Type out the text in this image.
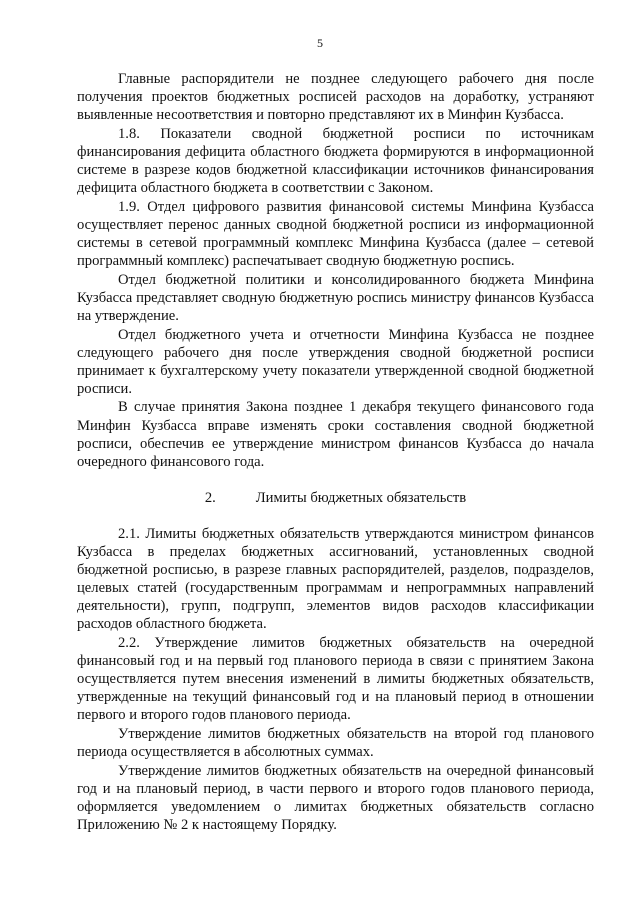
5

Главные распорядители не позднее следующего рабочего дня после получения проектов бюджетных росписей расходов на доработку, устраняют выявленные несоответствия и повторно представляют их в Минфин Кузбасса.

1.8. Показатели сводной бюджетной росписи по источникам финансирования дефицита областного бюджета формируются в информационной системе в разрезе кодов бюджетной классификации источников финансирования дефицита областного бюджета в соответствии с Законом.

1.9. Отдел цифрового развития финансовой системы Минфина Кузбасса осуществляет перенос данных сводной бюджетной росписи из информационной системы в сетевой программный комплекс Минфина Кузбасса (далее – сетевой программный комплекс) распечатывает сводную бюджетную роспись.

Отдел бюджетной политики и консолидированного бюджета Минфина Кузбасса представляет сводную бюджетную роспись министру финансов Кузбасса на утверждение.

Отдел бюджетного учета и отчетности Минфина Кузбасса не позднее следующего рабочего дня после утверждения сводной бюджетной росписи принимает к бухгалтерскому учету показатели утвержденной сводной бюджетной росписи.

В случае принятия Закона позднее 1 декабря текущего финансового года Минфин Кузбасса вправе изменять сроки составления сводной бюджетной росписи, обеспечив ее утверждение министром финансов Кузбасса до начала очередного финансового года.

2.	Лимиты бюджетных обязательств

2.1. Лимиты бюджетных обязательств утверждаются министром финансов Кузбасса в пределах бюджетных ассигнований, установленных сводной бюджетной росписью, в разрезе главных распорядителей, разделов, подразделов, целевых статей (государственным программам и непрограммных направлений деятельности), групп, подгрупп, элементов видов расходов классификации расходов областного бюджета.

2.2. Утверждение лимитов бюджетных обязательств на очередной финансовый год и на первый год планового периода в связи с принятием Закона осуществляется путем внесения изменений в лимиты бюджетных обязательств, утвержденные на текущий финансовый год и на плановый период в отношении первого и второго годов планового периода.

Утверждение лимитов бюджетных обязательств на второй год планового периода осуществляется в абсолютных суммах.

Утверждение лимитов бюджетных обязательств на очередной финансовый год и на плановый период, в части первого и второго годов планового периода, оформляется уведомлением о лимитах бюджетных обязательств согласно Приложению № 2 к настоящему Порядку.
